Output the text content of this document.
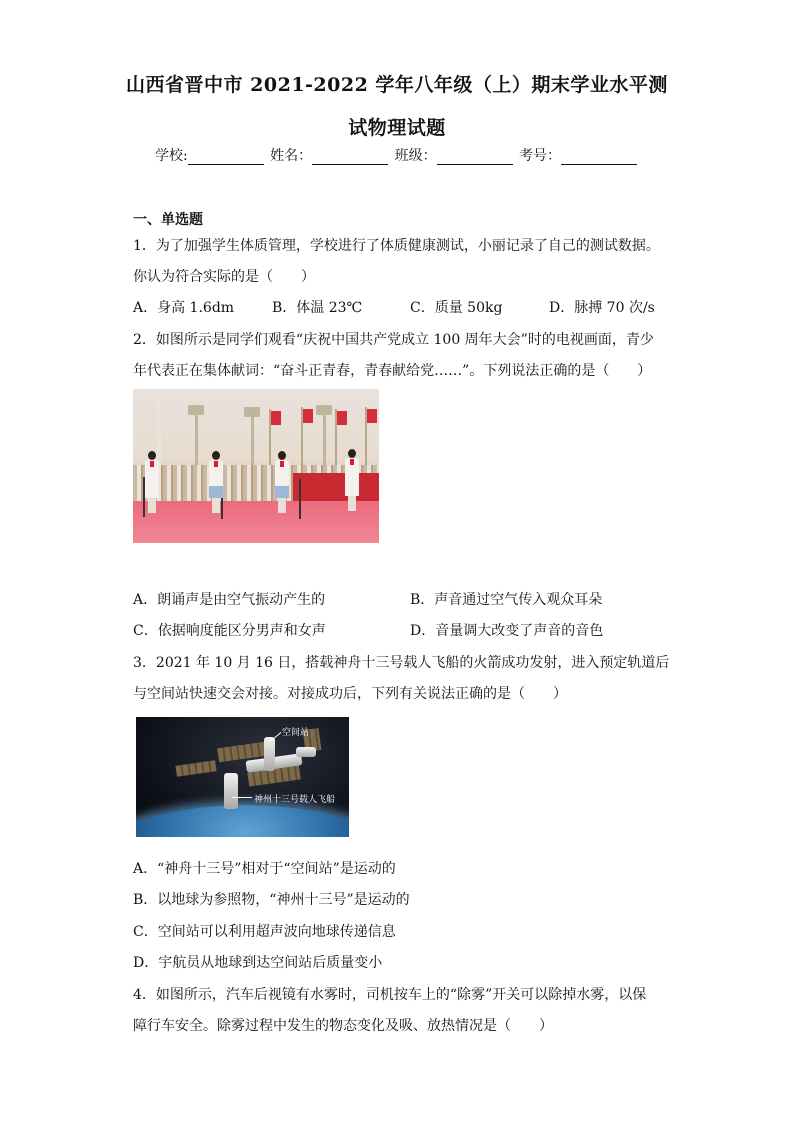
山西省晋中市 2021-2022 学年八年级（上）期末学业水平测
试物理试题
学校:	姓名：	班级：	考号：
一、单选题
1．为了加强学生体质管理，学校进行了体质健康测试，小丽记录了自己的测试数据。
你认为符合实际的是（　　）
A．身高 1.6dm	B．体温 23℃	C．质量 50kg	D．脉搏 70 次/s
2．如图所示是同学们观看“庆祝中国共产党成立 100 周年大会”时的电视画面，青少
年代表正在集体献词：“奋斗正青春，青春献给党……”。下列说法正确的是（　　）
A．朗诵声是由空气振动产生的	B．声音通过空气传入观众耳朵
C．依据响度能区分男声和女声	D．音量调大改变了声音的音色
3．2021 年 10 月 16 日，搭载神舟十三号载人飞船的火箭成功发射，进入预定轨道后
与空间站快速交会对接。对接成功后，下列有关说法正确的是（　　）
空间站
神州十三号载人飞船
A．“神舟十三号”相对于“空间站”是运动的
B．以地球为参照物，“神州十三号”是运动的
C．空间站可以利用超声波向地球传递信息
D．宇航员从地球到达空间站后质量变小
4．如图所示，汽车后视镜有水雾时，司机按车上的“除雾”开关可以除掉水雾，以保
障行车安全。除雾过程中发生的物态变化及吸、放热情况是（　　）
